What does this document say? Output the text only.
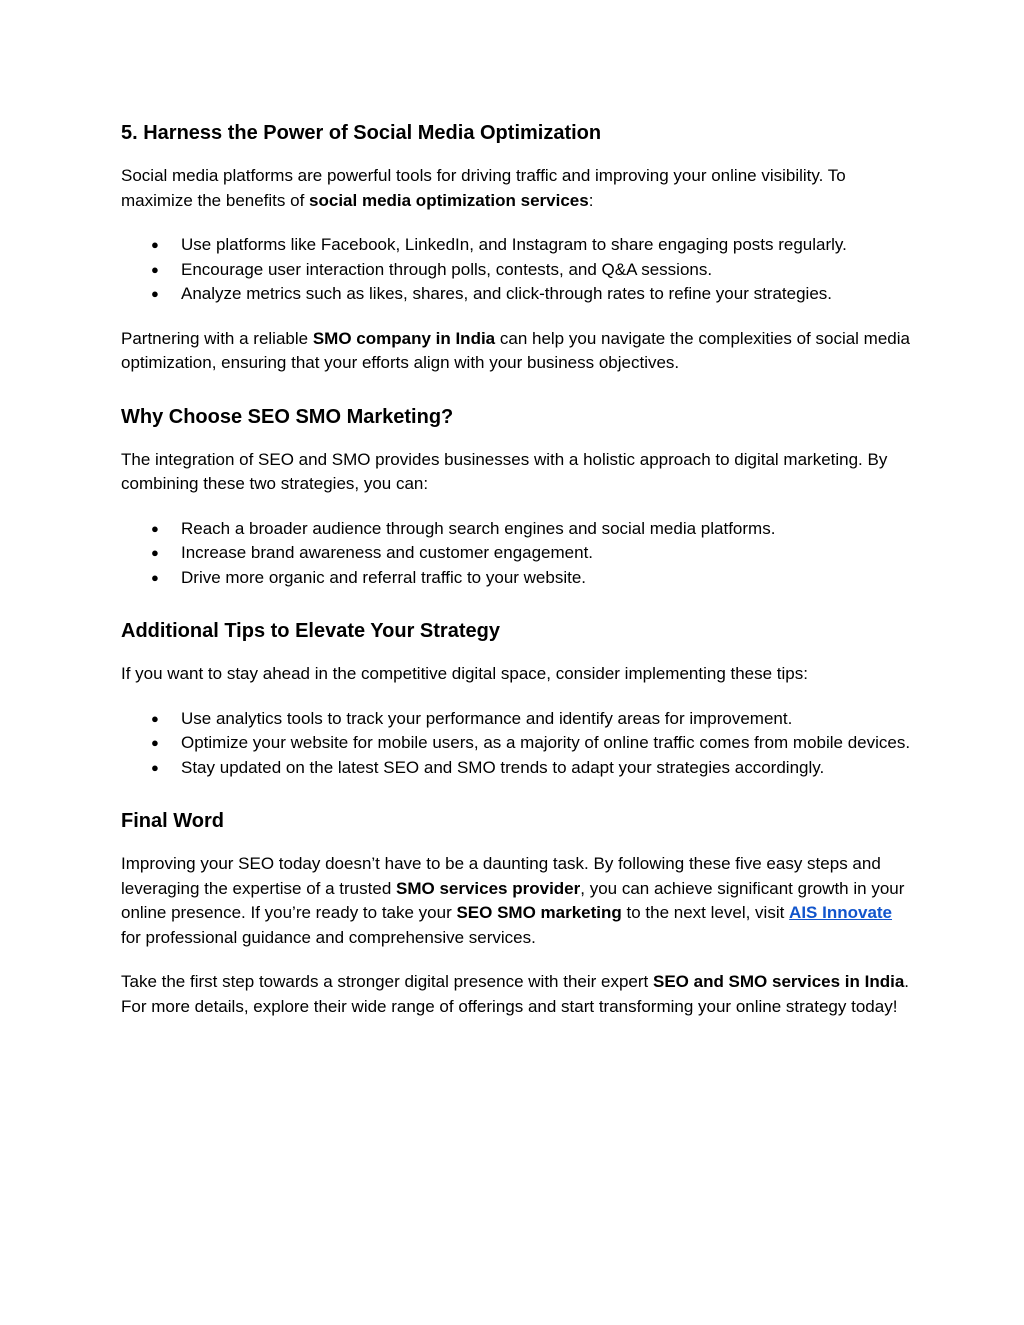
5. Harness the Power of Social Media Optimization

Social media platforms are powerful tools for driving traffic and improving your online visibility. To maximize the benefits of social media optimization services:

● Use platforms like Facebook, LinkedIn, and Instagram to share engaging posts regularly.
● Encourage user interaction through polls, contests, and Q&A sessions.
● Analyze metrics such as likes, shares, and click-through rates to refine your strategies.

Partnering with a reliable SMO company in India can help you navigate the complexities of social media optimization, ensuring that your efforts align with your business objectives.

Why Choose SEO SMO Marketing?

The integration of SEO and SMO provides businesses with a holistic approach to digital marketing. By combining these two strategies, you can:

● Reach a broader audience through search engines and social media platforms.
● Increase brand awareness and customer engagement.
● Drive more organic and referral traffic to your website.
Additional Tips to Elevate Your Strategy

If you want to stay ahead in the competitive digital space, consider implementing these tips:

● Use analytics tools to track your performance and identify areas for improvement.
● Optimize your website for mobile users, as a majority of online traffic comes from mobile devices.
● Stay updated on the latest SEO and SMO trends to adapt your strategies accordingly.
Final Word

Improving your SEO today doesn’t have to be a daunting task. By following these five easy steps and leveraging the expertise of a trusted SMO services provider, you can achieve significant growth in your online presence. If you’re ready to take your SEO SMO marketing to the next level, visit AIS Innovate for professional guidance and comprehensive services.

Take the first step towards a stronger digital presence with their expert SEO and SMO services in India. For more details, explore their wide range of offerings and start transforming your online strategy today!
